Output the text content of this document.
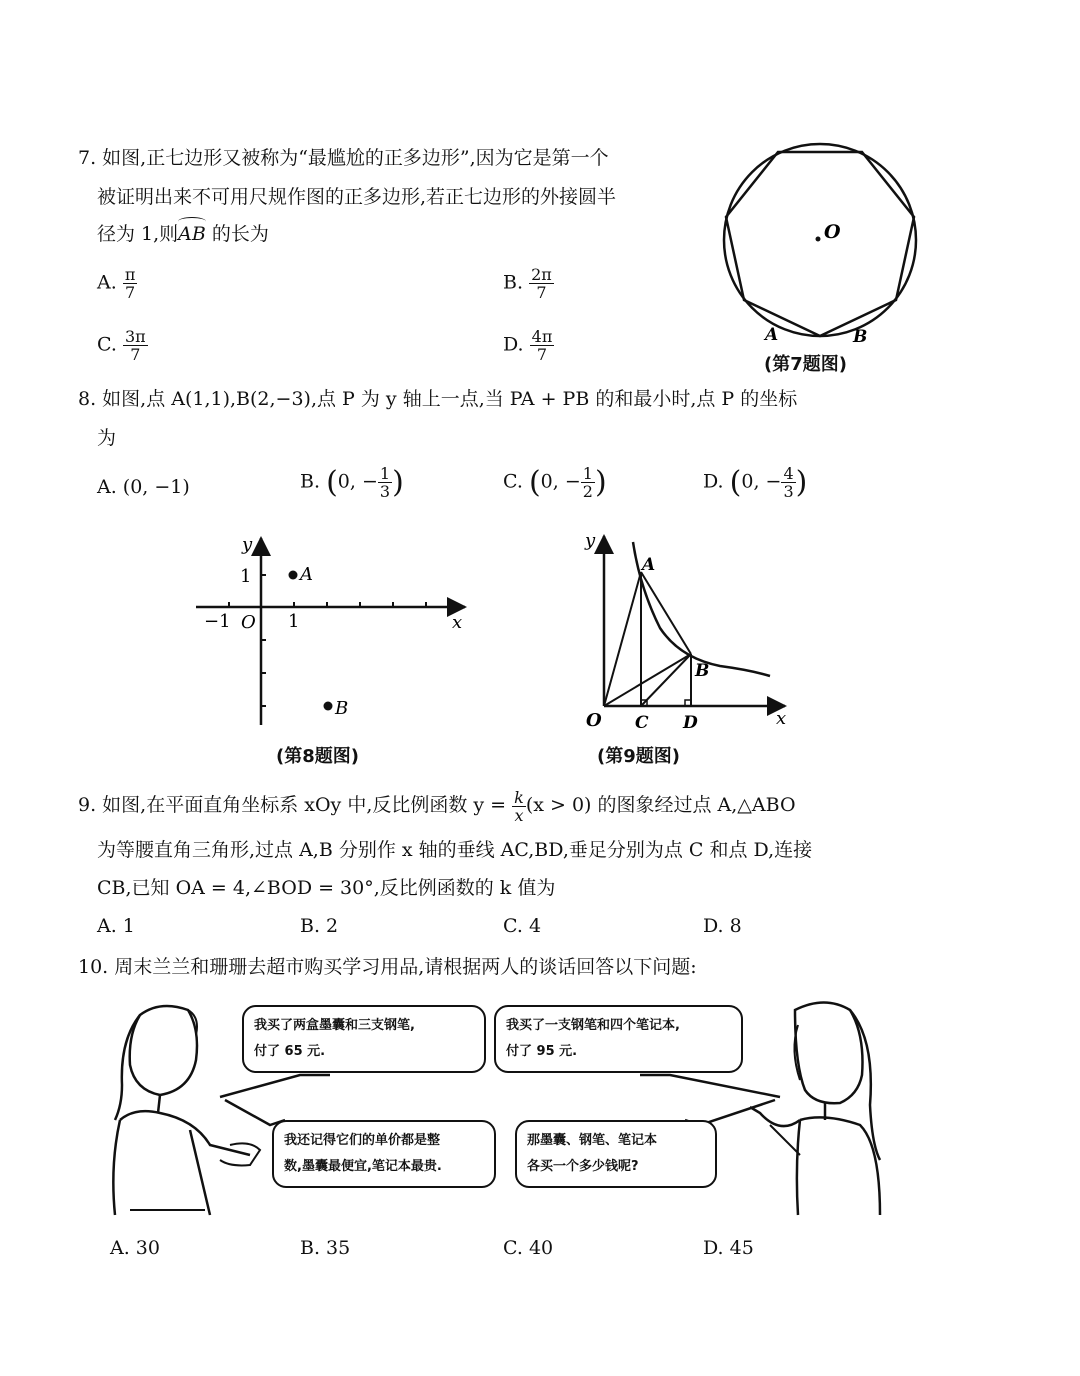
7. 如图,正七边形又被称为“最尴尬的正多边形”,因为它是第一个
被证明出来不可用尺规作图的正多边形,若正七边形的外接圆半
径为 1,则
AB 的长为
A. $\frac{\pi}{7}$	B. $\frac{2\pi}{7}$
C. $\frac{3\pi}{7}$	D. $\frac{4\pi}{7}$
O
A	B
(第7题图)
8. 如图,点 A(1,1),B(2,−3),点 P 为 y 轴上一点,当 PA + PB 的和最小时,点 P 的坐标
为
A. (0, −1)	B. (0, − $\frac{1}{3}$ )	C. (0, − $\frac{1}{2}$ )	D. (0, − $\frac{4}{3}$ )
A
B
y
x
1
−1	1
O
(第8题图)
y
x
O
A
B
C D
(第9题图)
9. 如图,在平面直角坐标系 xOy 中,反比例函数 $y = \frac{k}{x} (x > 0)$ 的图象经过点 A,△ABO
为等腰直角三角形,过点 A,B 分别作 x 轴的垂线 AC,BD,垂足分别为点 C 和点 D,连接
CB,已知 OA = 4,∠BOD = 30°,反比例函数的 k 值为
A. 1	B. 2	C. 4	D. 8
10. 周末兰兰和珊珊去超市购买学习用品,请根据两人的谈话回答以下问题:
我买了两盒墨囊和三支钢笔,
付了 65 元.
我买了一支钢笔和四个笔记本,
付了 95 元.
我还记得它们的单价都是整
数,墨囊最便宜,笔记本最贵.
那墨囊、钢笔、笔记本
各买一个多少钱呢?
A. 30	B. 35	C. 40	D. 45
